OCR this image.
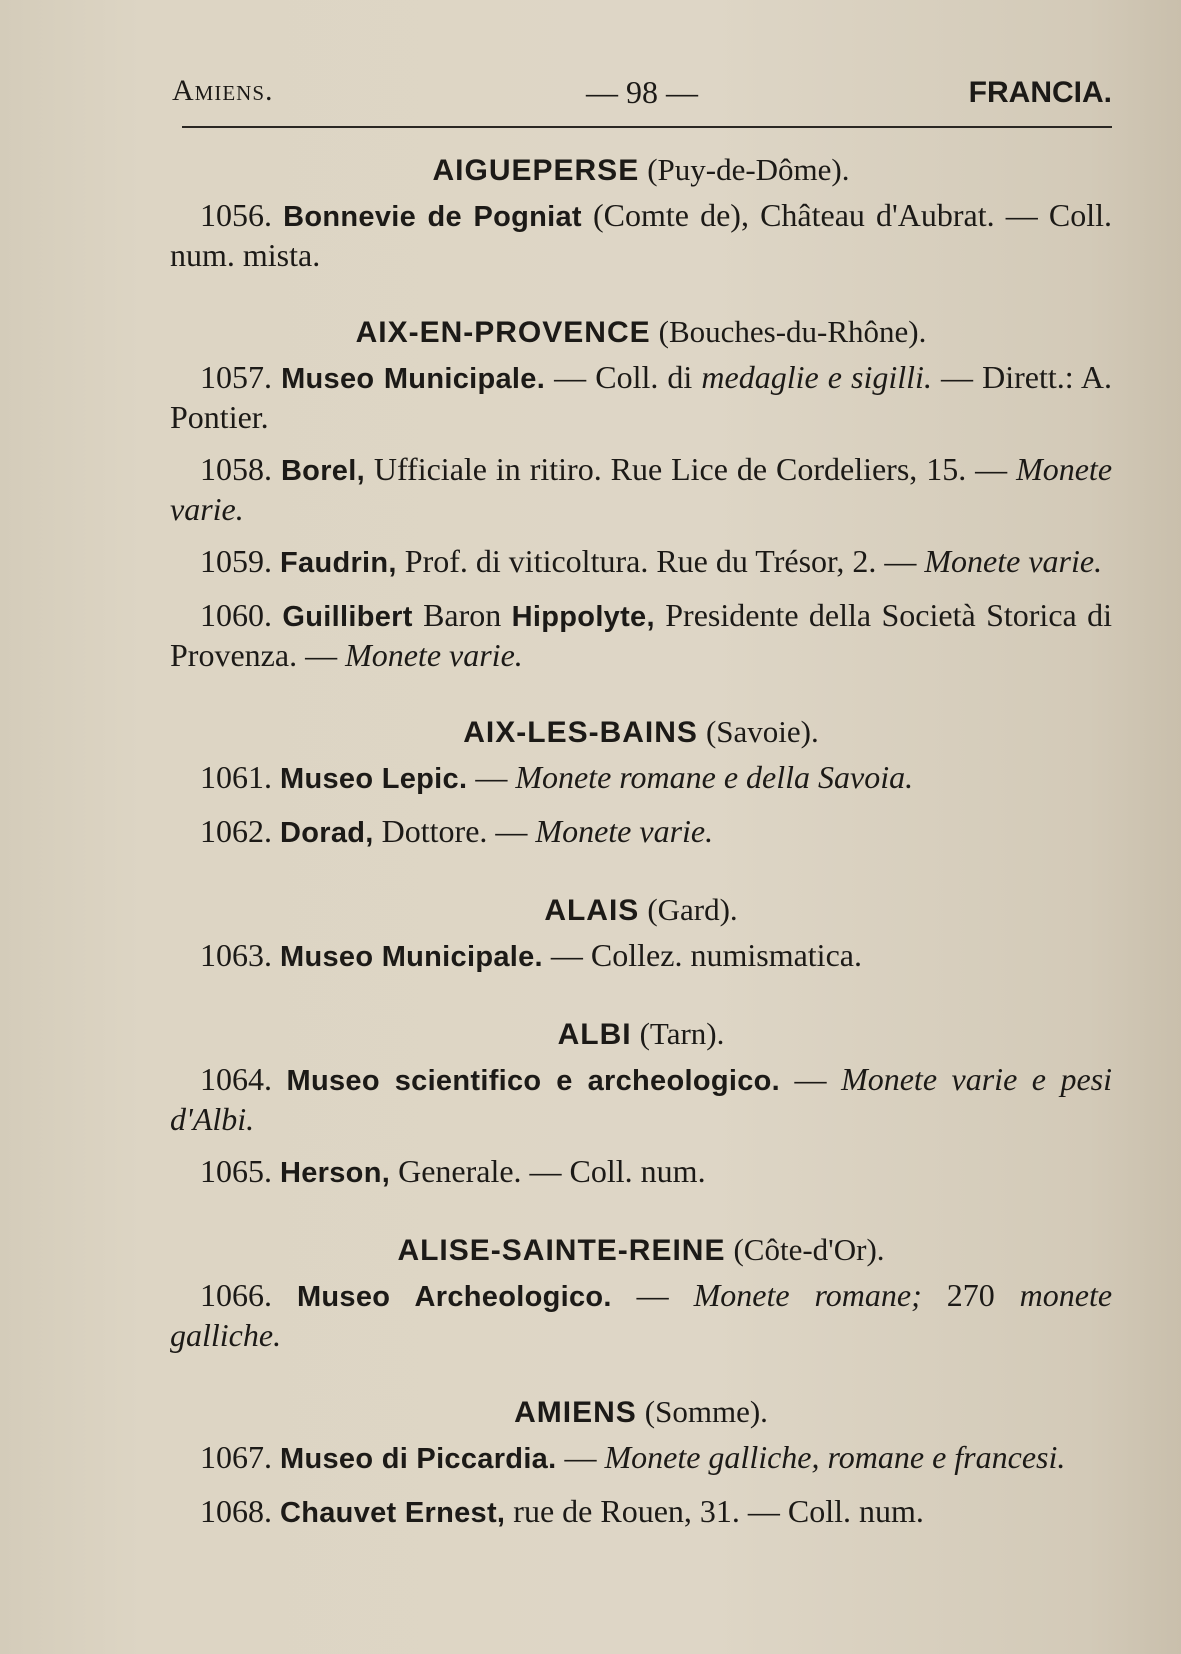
Amiens.	— 98 —	FRANCIA.
AIGUEPERSE (Puy-de-Dôme).
1056. Bonnevie de Pogniat (Comte de), Château d'Aubrat. — Coll. num. mista.
AIX-EN-PROVENCE (Bouches-du-Rhône).
1057. Museo Municipale. — Coll. di medaglie e sigilli. — Dirett.: A. Pontier.
1058. Borel, Ufficiale in ritiro. Rue Lice de Cordeliers, 15. — Monete varie.
1059. Faudrin, Prof. di viticoltura. Rue du Trésor, 2. — Monete varie.
1060. Guillibert Baron Hippolyte, Presidente della Società Storica di Provenza. — Monete varie.
AIX-LES-BAINS (Savoie).
1061. Museo Lepic. — Monete romane e della Savoia.
1062. Dorad, Dottore. — Monete varie.
ALAIS (Gard).
1063. Museo Municipale. — Collez. numismatica.
ALBI (Tarn).
1064. Museo scientifico e archeologico. — Monete varie e pesi d'Albi.
1065. Herson, Generale. — Coll. num.
ALISE-SAINTE-REINE (Côte-d'Or).
1066. Museo Archeologico. — Monete romane; 270 monete galliche.
AMIENS (Somme).
1067. Museo di Piccardia. — Monete galliche, romane e francesi.
1068. Chauvet Ernest, rue de Rouen, 31. — Coll. num.
